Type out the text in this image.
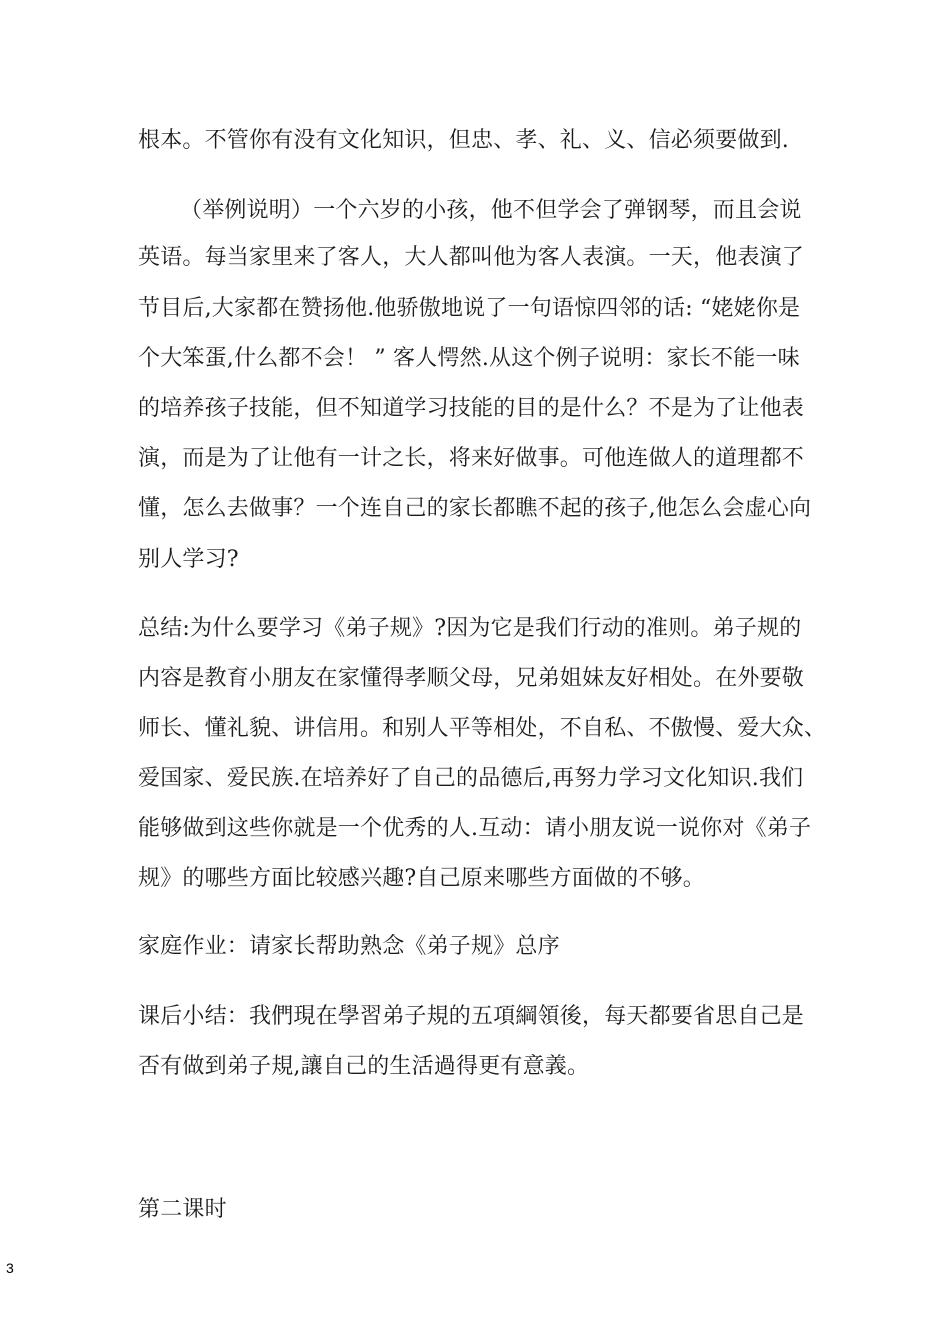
根本。不管你有没有文化知识，但忠、孝、礼、义、信必须要做到.
（举例说明）一个六岁的小孩，他不但学会了弹钢琴，而且会说
英语。每当家里来了客人，大人都叫他为客人表演。一天，他表演了
节目后,大家都在赞扬他.他骄傲地说了一句语惊四邻的话: “姥姥你是
个大笨蛋,什么都不会！ ” 客人愕然.从这个例子说明：家长不能一味
的培养孩子技能，但不知道学习技能的目的是什么？不是为了让他表
演，而是为了让他有一计之长，将来好做事。可他连做人的道理都不
懂，怎么去做事？一个连自己的家长都瞧不起的孩子,他怎么会虚心向
别人学习?
总结:为什么要学习《弟子规》?因为它是我们行动的准则。弟子规的
内容是教育小朋友在家懂得孝顺父母，兄弟姐妹友好相处。在外要敬
师长、懂礼貌、讲信用。和别人平等相处，不自私、不傲慢、爱大众、
爱国家、爱民族.在培养好了自己的品德后,再努力学习文化知识.我们
能够做到这些你就是一个优秀的人.互动：请小朋友说一说你对《弟子
规》的哪些方面比较感兴趣?自己原来哪些方面做的不够。
家庭作业：请家长帮助熟念《弟子规》总序
课后小结：我們現在學習弟子規的五項綱領後，每天都要省思自己是
否有做到弟子規,讓自己的生活過得更有意義。
第二课时
3
